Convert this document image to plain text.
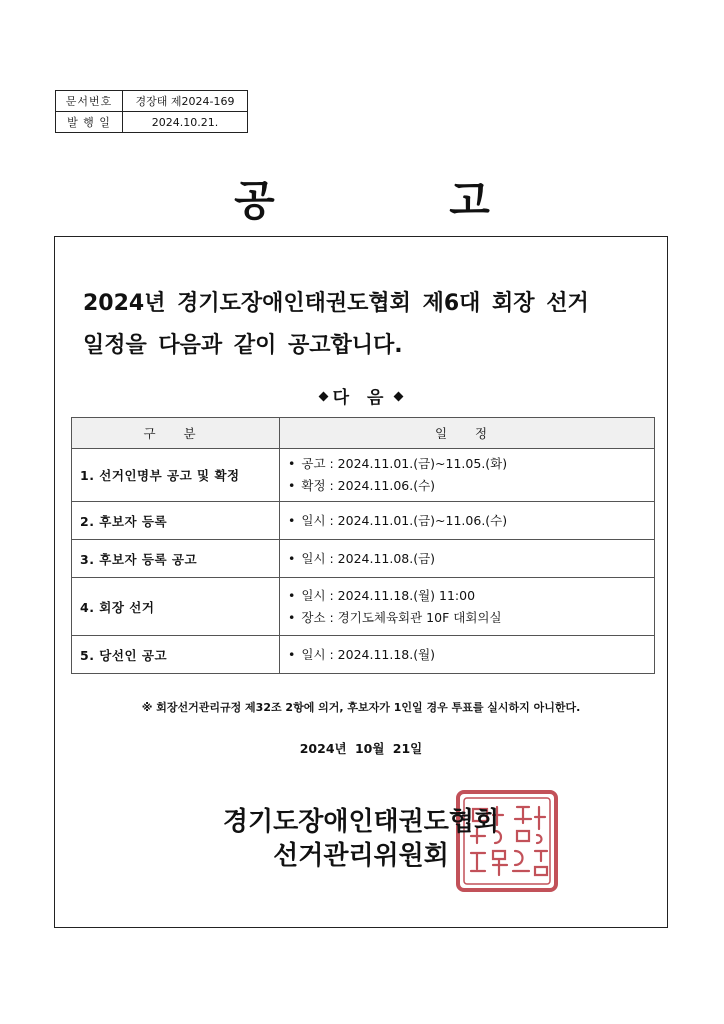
문서번호	경장태 제2024-169
발 행 일	2024.10.21.
공 고
2024년 경기도장애인태권도협회 제6대 회장 선거
일정을 다음과 같이 공고합니다.
다 음
구 분	일 정
1. 선거인명부 공고 및 확정	• 공고 : 2024.11.01.(금)~11.05.(화)
• 확정 : 2024.11.06.(수)

2. 후보자 등록	• 일시 : 2024.11.01.(금)~11.06.(수)

3. 후보자 등록 공고	• 일시 : 2024.11.08.(금)

4. 회장 선거	• 일시 : 2024.11.18.(월) 11:00
• 장소 : 경기도체육회관 10F 대회의실

5. 당선인 공고	• 일시 : 2024.11.18.(월)
※ 회장선거관리규정 제32조 2항에 의거, 후보자가 1인일 경우 투표를 실시하지 아니한다.
2024년 10월 21일
경기도장애인태권도협회
선거관리위원회
